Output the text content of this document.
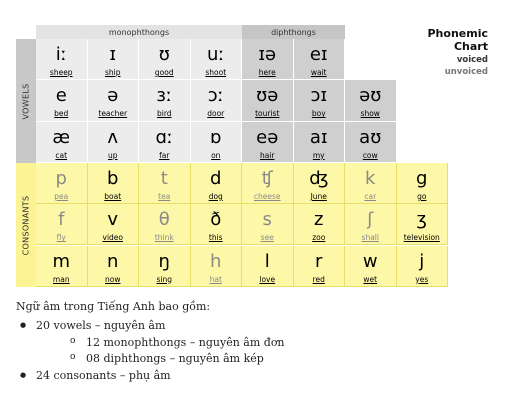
monophthongs	diphthongs
VOWELS
CONSONANTS
Phonemic
Chart
voiced
unvoiced
iː
sheep
ɪ
ship
ʊ
good
uː
shoot
ɪə
here
eɪ
wait
e
bed
ə
teacher
ɜː
bird
ɔː
door
ʊə
tourist
ɔɪ
boy
əʊ
show
æ
cat
ʌ
up
ɑː
far
ɒ
on
eə
hair
aɪ
my
aʊ
cow
p
pea
b
boat
t
tea
d
dog
ʧ
cheese
ʤ
June
k
car
g
go
f
fly
v
video
θ
think
ð
this
s
see
z
zoo
ʃ
shall
ʒ
television
m
man
n
now
ŋ
sing
h
hat
l
love
r
red
w
wet
j
yes
Ngữ âm trong Tiếng Anh bao gồm:
● 20 vowels – nguyên âm
o 12 monophthongs – nguyên âm đơn
o 08 diphthongs – nguyên âm kép
● 24 consonants – phụ âm
